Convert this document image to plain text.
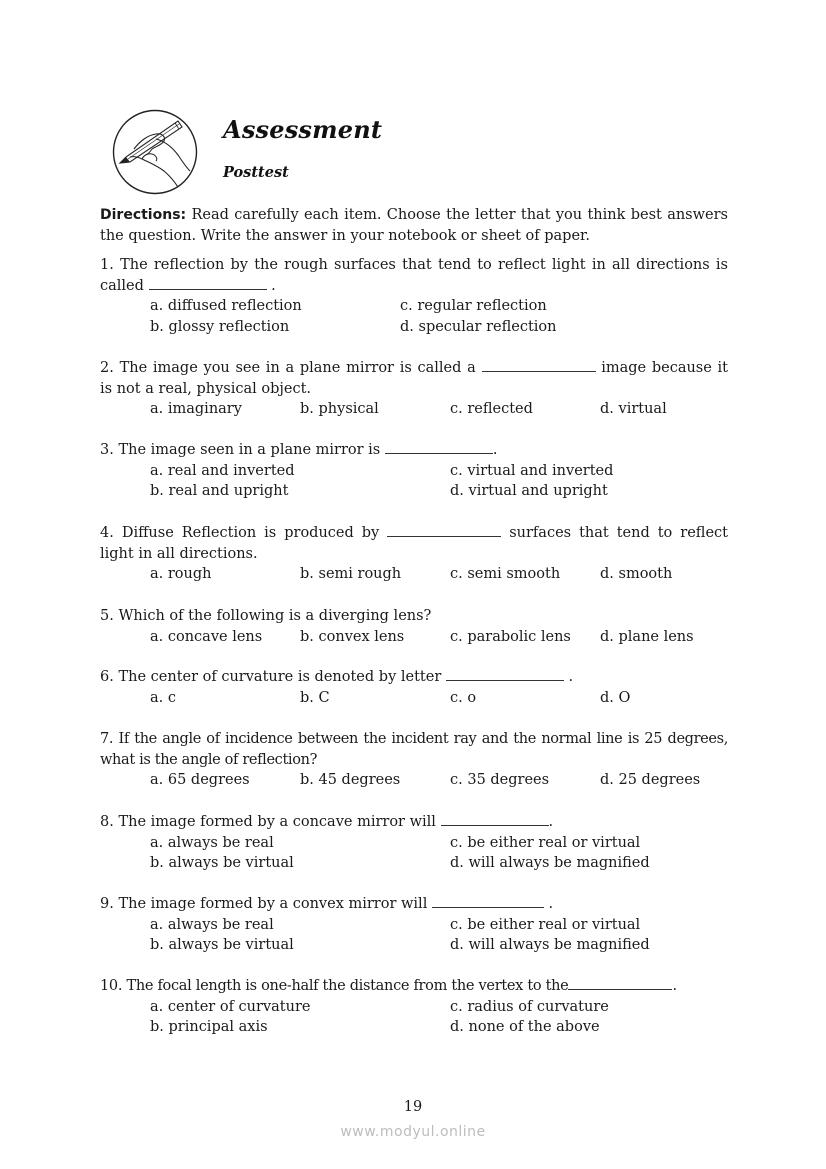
Assessment
Posttest

Directions: Read carefully each item. Choose the letter that you think best answers the question. Write the answer in your notebook or sheet of paper.

1. The reflection by the rough surfaces that tend to reflect light in all directions is called	.

a. diffused reflection	c. regular reflection
b. glossy reflection	d. specular reflection

2. The image you see in a plane mirror is called a	image because it is not a real, physical object.

a. imaginary	b. physical	c. reflected	d. virtual

3. The image seen in a plane mirror is	.

a. real and inverted	c. virtual and inverted
b. real and upright	d. virtual and upright

4. Diffuse Reflection is produced by	surfaces that tend to reflect light in all directions.

a. rough	b. semi rough	c. semi smooth	d. smooth

5. Which of the following is a diverging lens?

a. concave lens	b. convex lens	c. parabolic lens	d. plane lens

6. The center of curvature is denoted by letter	.

a. c	b. C	c. o	d. O

7. If the angle of incidence between the incident ray and the normal line is 25 degrees, what is the angle of reflection?

a. 65 degrees	b. 45 degrees	c. 35 degrees	d. 25 degrees

8. The image formed by a concave mirror will	.

a. always be real	c. be either real or virtual
b. always be virtual	d. will always be magnified

9. The image formed by a convex mirror will	.

a. always be real	c. be either real or virtual
b. always be virtual	d. will always be magnified

10. The focal length is one-half the distance from the vertex to the	.

a. center of curvature	c. radius of curvature
b. principal axis	d. none of the above
19
www.modyul.online
